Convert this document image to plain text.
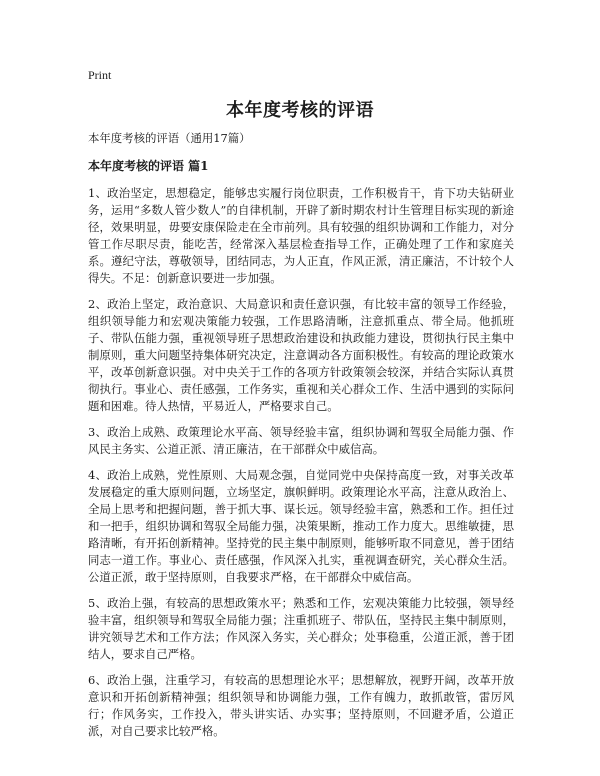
Print
本年度考核的评语

本年度考核的评语（通用17篇）

本年度考核的评语 篇1

1、政治坚定，思想稳定，能够忠实履行岗位职责，工作积极肯干，肯下功夫钻研业务，运用“多数人管少数人”的自律机制，开辟了新时期农村计生管理目标实现的新途径，效果明显，毋要安康保险走在全市前列。具有较强的组织协调和工作能力，对分管工作尽职尽责，能吃苦，经常深入基层检查指导工作，正确处理了工作和家庭关系。遵纪守法，尊敬领导，团结同志，为人正直，作风正派，清正廉洁，不计较个人得失。不足：创新意识要进一步加强。

2、政治上坚定，政治意识、大局意识和责任意识强，有比较丰富的领导工作经验，组织领导能力和宏观决策能力较强，工作思路清晰，注意抓重点、带全局。他抓班子、带队伍能力强，重视领导班子思想政治建设和执政能力建设，贯彻执行民主集中制原则，重大问题坚持集体研究决定，注意调动各方面积极性。有较高的理论政策水平，改革创新意识强。对中央关于工作的各项方针政策领会较深，并结合实际认真贯彻执行。事业心、责任感强，工作务实，重视和关心群众工作、生活中遇到的实际问题和困难。待人热情，平易近人，严格要求自己。

3、政治上成熟、政策理论水平高、领导经验丰富，组织协调和驾驭全局能力强、作风民主务实、公道正派、清正廉洁，在干部群众中威信高。

4、政治上成熟，党性原则、大局观念强，自觉同党中央保持高度一致，对事关改革发展稳定的重大原则问题，立场坚定，旗帜鲜明。政策理论水平高，注意从政治上、全局上思考和把握问题，善于抓大事、谋长远。领导经验丰富，熟悉和工作。担任过和一把手，组织协调和驾驭全局能力强，决策果断，推动工作力度大。思维敏捷，思路清晰，有开拓创新精神。坚持党的民主集中制原则，能够听取不同意见，善于团结同志一道工作。事业心、责任感强，作风深入扎实，重视调查研究，关心群众生活。公道正派，敢于坚持原则，自我要求严格，在干部群众中威信高。

5、政治上强，有较高的思想政策水平；熟悉和工作，宏观决策能力比较强，领导经验丰富，组织领导和驾驭全局能力强；注重抓班子、带队伍，坚持民主集中制原则，讲究领导艺术和工作方法；作风深入务实，关心群众；处事稳重，公道正派，善于团结人，要求自己严格。

6、政治上强，注重学习，有较高的思想理论水平；思想解放，视野开阔，改革开放意识和开拓创新精神强；组织领导和协调能力强，工作有魄力，敢抓敢管，雷厉风行；作风务实，工作投入，带头讲实话、办实事；坚持原则，不回避矛盾，公道正派，对自己要求比较严格。
